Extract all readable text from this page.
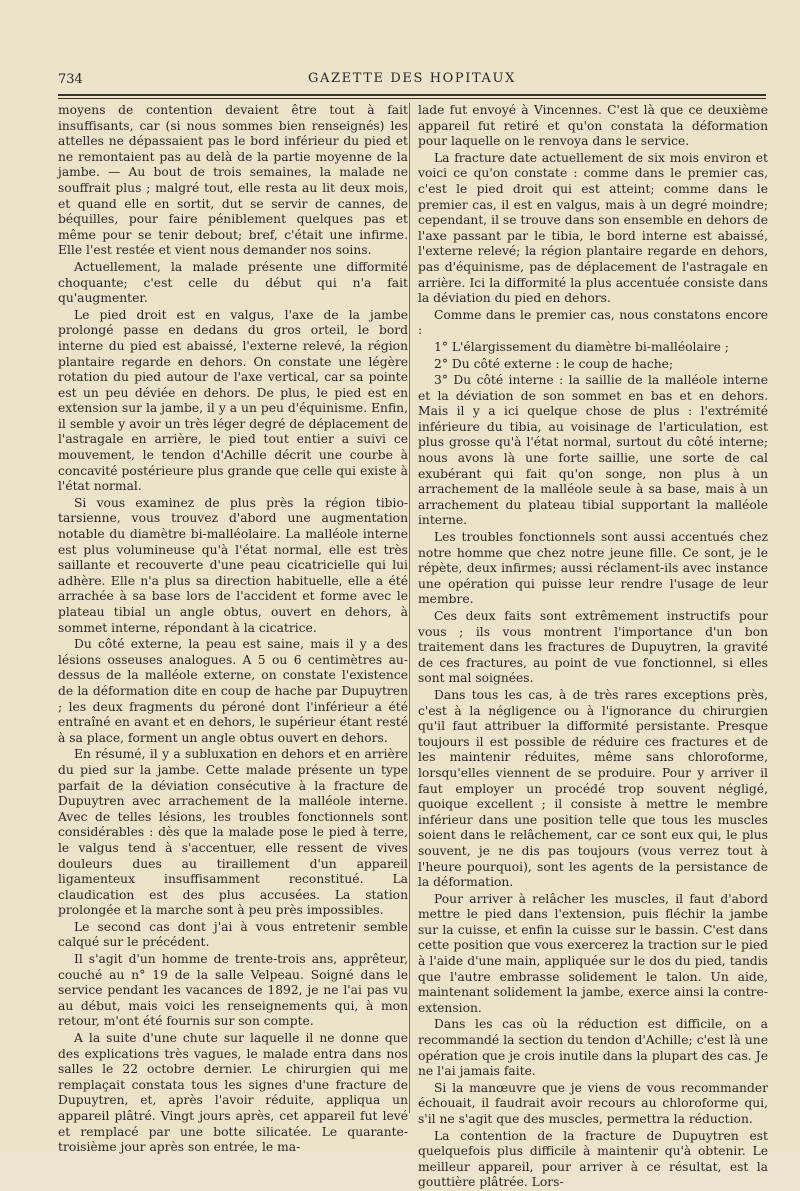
734	GAZETTE DES HOPITAUX

moyens de contention devaient être tout à fait insuffisants, car (si nous sommes bien renseignés) les attelles ne dépassaient pas le bord inférieur du pied et ne remontaient pas au delà de la partie moyenne de la jambe. — Au bout de trois semaines, la malade ne souffrait plus ; malgré tout, elle resta au lit deux mois, et quand elle en sortit, dut se servir de cannes, de béquilles, pour faire péniblement quelques pas et même pour se tenir debout; bref, c'était une infirme. Elle l'est restée et vient nous demander nos soins.

Actuellement, la malade présente une difformité choquante; c'est celle du début qui n'a fait qu'augmenter.

Le pied droit est en valgus, l'axe de la jambe prolongé passe en dedans du gros orteil, le bord interne du pied est abaissé, l'externe relevé, la région plantaire regarde en dehors. On constate une légère rotation du pied autour de l'axe vertical, car sa pointe est un peu déviée en dehors. De plus, le pied est en extension sur la jambe, il y a un peu d'équinisme. Enfin, il semble y avoir un très léger degré de déplacement de l'astragale en arrière, le pied tout entier a suivi ce mouvement, le tendon d'Achille décrit une courbe à concavité postérieure plus grande que celle qui existe à l'état normal.

Si vous examinez de plus près la région tibio-tarsienne, vous trouvez d'abord une augmentation notable du diamètre bi-malléolaire. La malléole interne est plus volumineuse qu'à l'état normal, elle est très saillante et recouverte d'une peau cicatricielle qui lui adhère. Elle n'a plus sa direction habituelle, elle a été arrachée à sa base lors de l'accident et forme avec le plateau tibial un angle obtus, ouvert en dehors, à sommet interne, répondant à la cicatrice.

Du côté externe, la peau est saine, mais il y a des lésions osseuses analogues. A 5 ou 6 centimètres au-dessus de la malléole externe, on constate l'existence de la déformation dite en coup de hache par Dupuytren ; les deux fragments du péroné dont l'inférieur a été entraîné en avant et en dehors, le supérieur étant resté à sa place, forment un angle obtus ouvert en dehors.

En résumé, il y a subluxation en dehors et en arrière du pied sur la jambe. Cette malade présente un type parfait de la déviation consécutive à la fracture de Dupuytren avec arrachement de la malléole interne. Avec de telles lésions, les troubles fonctionnels sont considérables : dès que la malade pose le pied à terre, le valgus tend à s'accentuer, elle ressent de vives douleurs dues au tiraillement d'un appareil ligamenteux insuffisamment reconstitué. La claudication est des plus accusées. La station prolongée et la marche sont à peu près impossibles.

Le second cas dont j'ai à vous entretenir semble calqué sur le précédent.

Il s'agit d'un homme de trente-trois ans, apprêteur, couché au n° 19 de la salle Velpeau. Soigné dans le service pendant les vacances de 1892, je ne l'ai pas vu au début, mais voici les renseignements qui, à mon retour, m'ont été fournis sur son compte.

A la suite d'une chute sur laquelle il ne donne que des explications très vagues, le malade entra dans nos salles le 22 octobre dernier. Le chirurgien qui me remplaçait constata tous les signes d'une fracture de Dupuytren, et, après l'avoir réduite, appliqua un appareil plâtré. Vingt jours après, cet appareil fut levé et remplacé par une botte silicatée. Le quarante-troisième jour après son entrée, le ma-

lade fut envoyé à Vincennes. C'est là que ce deuxième appareil fut retiré et qu'on constata la déformation pour laquelle on le renvoya dans le service.

La fracture date actuellement de six mois environ et voici ce qu'on constate : comme dans le premier cas, c'est le pied droit qui est atteint; comme dans le premier cas, il est en valgus, mais à un degré moindre; cependant, il se trouve dans son ensemble en dehors de l'axe passant par le tibia, le bord interne est abaissé, l'externe relevé; la région plantaire regarde en dehors, pas d'équinisme, pas de déplacement de l'astragale en arrière. Ici la difformité la plus accentuée consiste dans la déviation du pied en dehors.

Comme dans le premier cas, nous constatons encore :

1° L'élargissement du diamètre bi-malléolaire ;

2° Du côté externe : le coup de hache;

3° Du côté interne : la saillie de la malléole interne et la déviation de son sommet en bas et en dehors. Mais il y a ici quelque chose de plus : l'extrémité inférieure du tibia, au voisinage de l'articulation, est plus grosse qu'à l'état normal, surtout du côté interne; nous avons là une forte saillie, une sorte de cal exubérant qui fait qu'on songe, non plus à un arrachement de la malléole seule à sa base, mais à un arrachement du plateau tibial supportant la malléole interne.

Les troubles fonctionnels sont aussi accentués chez notre homme que chez notre jeune fille. Ce sont, je le répète, deux infirmes; aussi réclament-ils avec instance une opération qui puisse leur rendre l'usage de leur membre.

Ces deux faits sont extrêmement instructifs pour vous ; ils vous montrent l'importance d'un bon traitement dans les fractures de Dupuytren, la gravité de ces fractures, au point de vue fonctionnel, si elles sont mal soignées.

Dans tous les cas, à de très rares exceptions près, c'est à la négligence ou à l'ignorance du chirurgien qu'il faut attribuer la difformité persistante. Presque toujours il est possible de réduire ces fractures et de les maintenir réduites, même sans chloroforme, lorsqu'elles viennent de se produire. Pour y arriver il faut employer un procédé trop souvent négligé, quoique excellent ; il consiste à mettre le membre inférieur dans une position telle que tous les muscles soient dans le relâchement, car ce sont eux qui, le plus souvent, je ne dis pas toujours (vous verrez tout à l'heure pourquoi), sont les agents de la persistance de la déformation.

Pour arriver à relâcher les muscles, il faut d'abord mettre le pied dans l'extension, puis fléchir la jambe sur la cuisse, et enfin la cuisse sur le bassin. C'est dans cette position que vous exercerez la traction sur le pied à l'aide d'une main, appliquée sur le dos du pied, tandis que l'autre embrasse solidement le talon. Un aide, maintenant solidement la jambe, exerce ainsi la contre-extension.

Dans les cas où la réduction est difficile, on a recommandé la section du tendon d'Achille; c'est là une opération que je crois inutile dans la plupart des cas. Je ne l'ai jamais faite.

Si la manœuvre que je viens de vous recommander échouait, il faudrait avoir recours au chloroforme qui, s'il ne s'agit que des muscles, permettra la réduction.

La contention de la fracture de Dupuytren est quelquefois plus difficile à maintenir qu'à obtenir. Le meilleur appareil, pour arriver à ce résultat, est la gouttière plâtrée. Lors-
